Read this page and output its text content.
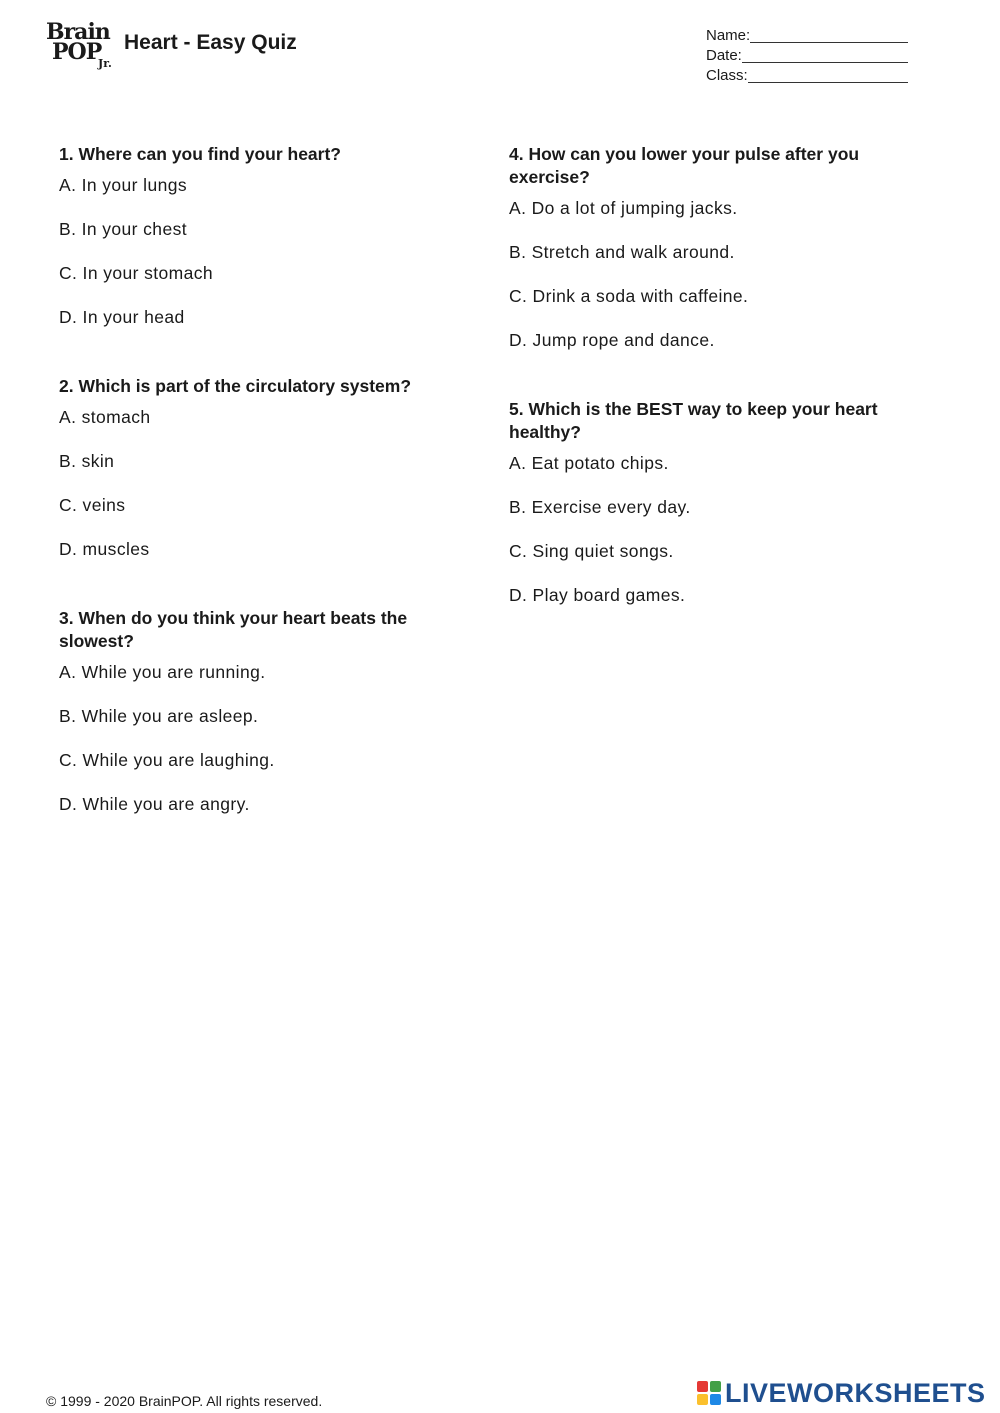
Brain
POP
Jr.
Heart - Easy Quiz	Name:
Date:
Class:

1. Where can you find your heart?

A. In your lungs
B. In your chest
C. In your stomach
D. In your head

2. Which is part of the circulatory system?

A. stomach
B. skin
C. veins
D. muscles

3. When do you think your heart beats the slowest?

A. While you are running.
B. While you are asleep.
C. While you are laughing.
D. While you are angry.

4. How can you lower your pulse after you exercise?

A. Do a lot of jumping jacks.
B. Stretch and walk around.
C. Drink a soda with caffeine.
D. Jump rope and dance.

5. Which is the BEST way to keep your heart healthy?

A. Eat potato chips.
B. Exercise every day.
C. Sing quiet songs.
D. Play board games.
© 1999 - 2020 BrainPOP. All rights reserved.	LIVEWORKSHEETS
